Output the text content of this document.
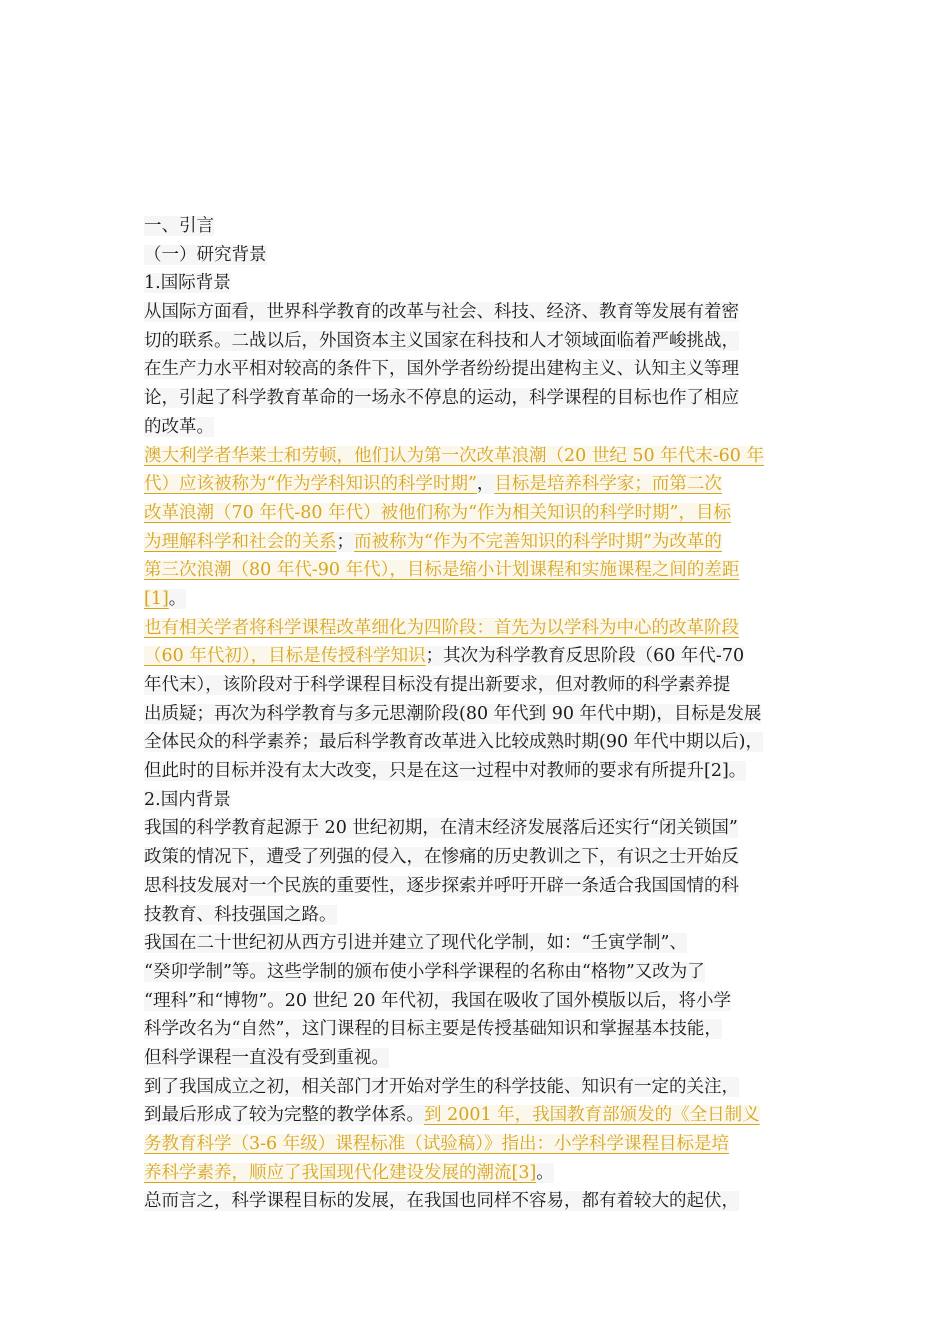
一、引言
（一）研究背景
1.国际背景
从国际方面看，世界科学教育的改革与社会、科技、经济、教育等发展有着密
切的联系。二战以后，外国资本主义国家在科技和人才领域面临着严峻挑战，
在生产力水平相对较高的条件下，国外学者纷纷提出建构主义、认知主义等理
论，引起了科学教育革命的一场永不停息的运动，科学课程的目标也作了相应
的改革。
澳大利学者华莱士和劳顿，他们认为第一次改革浪潮（20 世纪 50 年代末-60 年
代）应该被称为“作为学科知识的科学时期”，目标是培养科学家；而第二次
改革浪潮（70 年代-80 年代）被他们称为“作为相关知识的科学时期”，目标
为理解科学和社会的关系；而被称为“作为不完善知识的科学时期”为改革的
第三次浪潮（80 年代-90 年代），目标是缩小计划课程和实施课程之间的差距
[1]。
也有相关学者将科学课程改革细化为四阶段：首先为以学科为中心的改革阶段
（60 年代初），目标是传授科学知识；其次为科学教育反思阶段（60 年代-70
年代末），该阶段对于科学课程目标没有提出新要求，但对教师的科学素养提
出质疑；再次为科学教育与多元思潮阶段(80 年代到 90 年代中期)，目标是发展
全体民众的科学素养；最后科学教育改革进入比较成熟时期(90 年代中期以后)，
但此时的目标并没有太大改变，只是在这一过程中对教师的要求有所提升[2]。
2.国内背景
我国的科学教育起源于 20 世纪初期，在清末经济发展落后还实行“闭关锁国”
政策的情况下，遭受了列强的侵入，在惨痛的历史教训之下，有识之士开始反
思科技发展对一个民族的重要性，逐步探索并呼吁开辟一条适合我国国情的科
技教育、科技强国之路。
我国在二十世纪初从西方引进并建立了现代化学制，如：“壬寅学制”、
“癸卯学制”等。这些学制的颁布使小学科学课程的名称由“格物”又改为了
“理科”和“博物”。20 世纪 20 年代初，我国在吸收了国外模版以后，将小学
科学改名为“自然”，这门课程的目标主要是传授基础知识和掌握基本技能，
但科学课程一直没有受到重视。
到了我国成立之初，相关部门才开始对学生的科学技能、知识有一定的关注，
到最后形成了较为完整的教学体系。到 2001 年，我国教育部颁发的《全日制义
务教育科学（3-6 年级）课程标准（试验稿）》指出：小学科学课程目标是培
养科学素养，顺应了我国现代化建设发展的潮流[3]。
总而言之，科学课程目标的发展，在我国也同样不容易，都有着较大的起伏，
